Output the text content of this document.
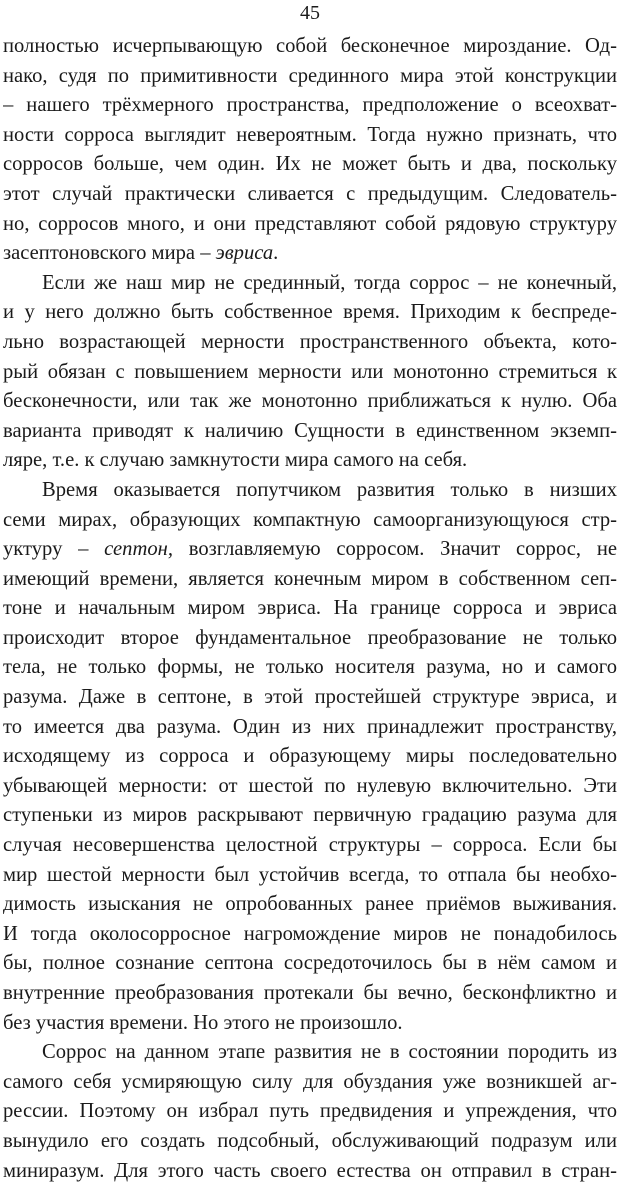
45
полностью исчерпывающую собой бесконечное мироздание. Од-
нако, судя по примитивности срединного мира этой конструкции
– нашего трёхмерного пространства, предположение о всеохват-
ности сорроса выглядит невероятным. Тогда нужно признать, что
сорросов больше, чем один. Их не может быть и два, поскольку
этот случай практически сливается с предыдущим. Следователь-
но, сорросов много, и они представляют собой рядовую структуру
засептоновского мира – эвриса.
Если же наш мир не срединный, тогда соррос – не конечный,
и у него должно быть собственное время. Приходим к беспреде-
льно возрастающей мерности пространственного объекта, кото-
рый обязан с повышением мерности или монотонно стремиться к
бесконечности, или так же монотонно приближаться к нулю. Оба
варианта приводят к наличию Сущности в единственном экземп-
ляре, т.е. к случаю замкнутости мира самого на себя.
Время оказывается попутчиком развития только в низших
семи мирах, образующих компактную самоорганизующуюся стр-
уктуру – септон, возглавляемую сорросом. Значит соррос, не
имеющий времени, является конечным миром в собственном сеп-
тоне и начальным миром эвриса. На границе сорроса и эвриса
происходит второе фундаментальное преобразование не только
тела, не только формы, не только носителя разума, но и самого
разума. Даже в септоне, в этой простейшей структуре эвриса, и
то имеется два разума. Один из них принадлежит пространству,
исходящему из сорроса и образующему миры последовательно
убывающей мерности: от шестой по нулевую включительно. Эти
ступеньки из миров раскрывают первичную градацию разума для
случая несовершенства целостной структуры – сорроса. Если бы
мир шестой мерности был устойчив всегда, то отпала бы необхо-
димость изыскания не опробованных ранее приёмов выживания.
И тогда околосорросное нагромождение миров не понадобилось
бы, полное сознание септона сосредоточилось бы в нём самом и
внутренние преобразования протекали бы вечно, бесконфликтно и
без участия времени. Но этого не произошло.
Соррос на данном этапе развития не в состоянии породить из
самого себя усмиряющую силу для обуздания уже возникшей аг-
рессии. Поэтому он избрал путь предвидения и упреждения, что
вынудило его создать подсобный, обслуживающий подразум или
миниразум. Для этого часть своего естества он отправил в стран-
